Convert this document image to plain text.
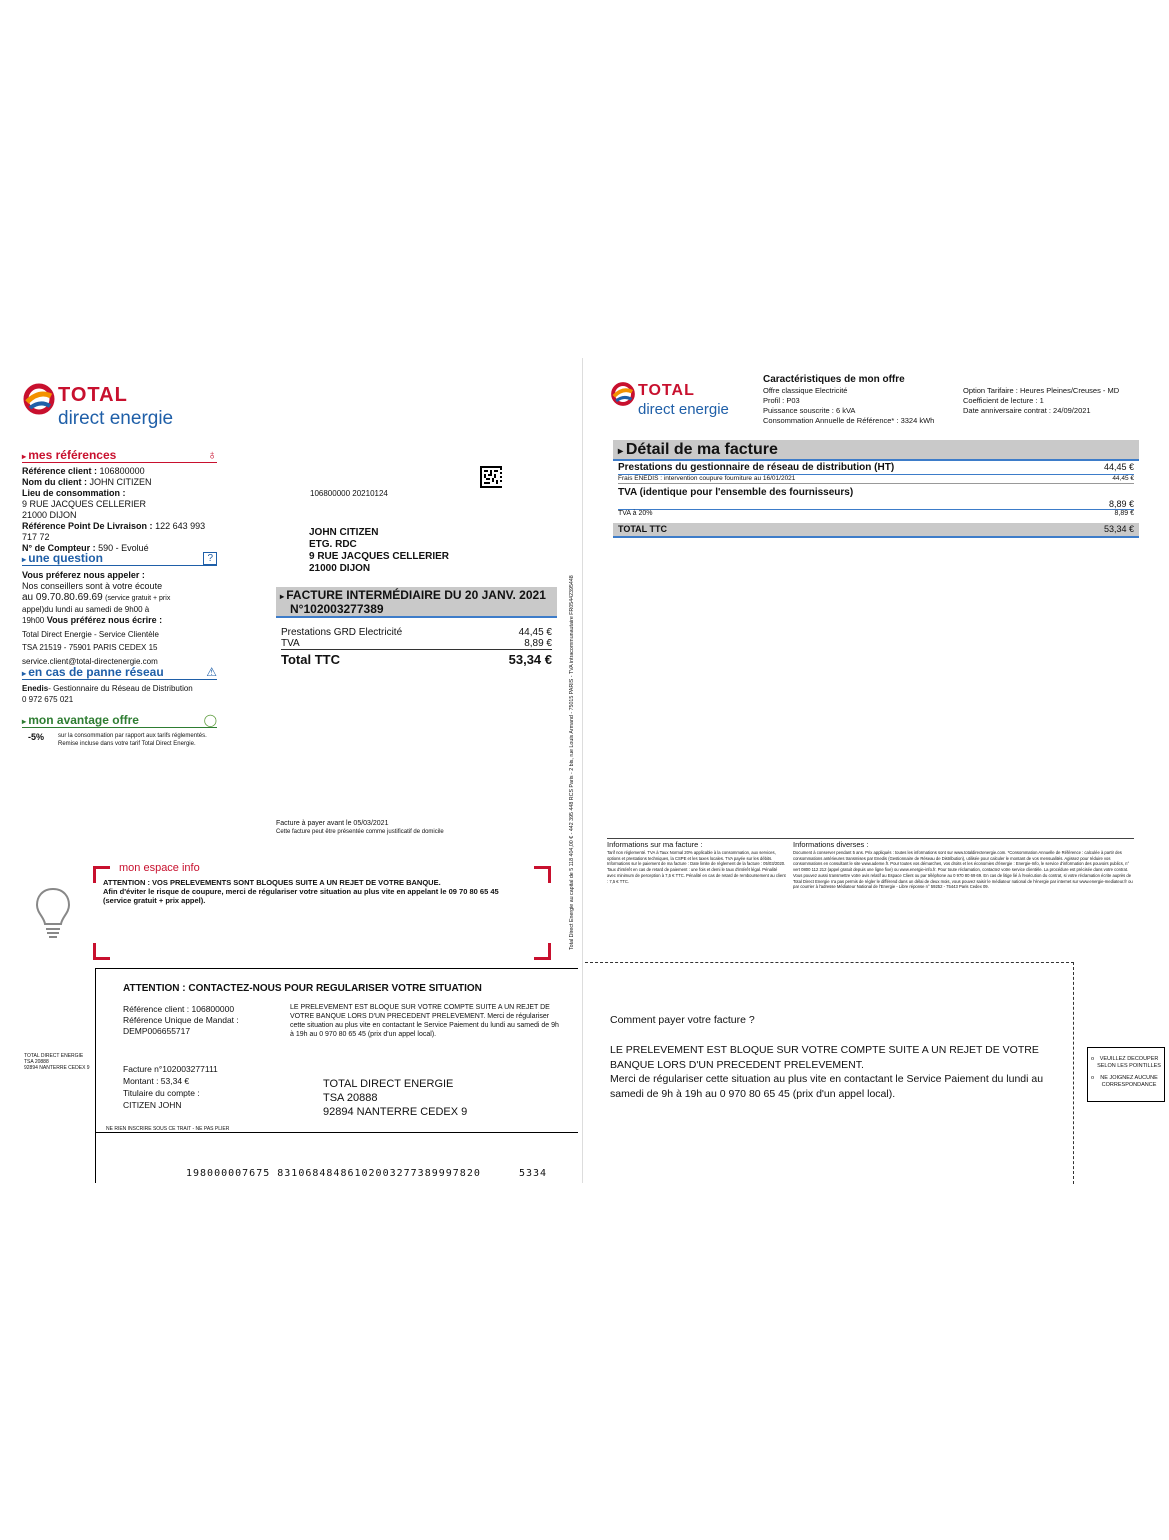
TOTAL
direct energie
▸ mes références	♁
Référence client : 106800000
Nom du client : JOHN CITIZEN
Lieu de consommation :
9 RUE JACQUES CELLERIER
21000 DIJON
Référence Point De Livraison : 122 643 993
717 72
N° de Compteur : 590 - Evolué
▸ une question	?
Vous préferez nous appeler :
Nos conseillers sont à votre écoute
au 09.70.80.69.69 (service gratuit + prix
appel)du lundi au samedi de 9h00 à
19h00 Vous préférez nous écrire :
Total Direct Energie - Service Clientèle
TSA 21519 - 75901 PARIS CEDEX 15
service.client@total-directenergie.com
▸ en cas de panne réseau	⚠
Enedis- Gestionnaire du Réseau de Distribution
0 972 675 021
▸ mon avantage offre	◯
-5%	sur la consommation par rapport aux tarifs réglementés.
Remise incluse dans votre tarif Total Direct Energie.
106800000 20210124
JOHN CITIZEN
ETG. RDC
9 RUE JACQUES CELLERIER
21000 DIJON
▸ FACTURE INTERMÉDIAIRE DU 20 JANV. 2021
N°102003277389
Prestations GRD Electricité	44,45 €
TVA	8,89 €
Total TTC	53,34 €
Facture à payer avant le 05/03/2021
Cette facture peut être présentée comme justificatif de domicile	Total Direct Energie au capital de 5 118 404,00 € - 442 395 448 RCS Paris - 2 bis, rue Louis Armand - 75015 PARIS - TVA intracommunautaire FR05442395448
mon espace info
ATTENTION : VOS PRELEVEMENTS SONT BLOQUES SUITE A UN REJET DE VOTRE BANQUE.
Afin d'éviter le risque de coupure, merci de régulariser votre situation au plus vite en appelant le 09 70 80 65 45
(service gratuit + prix appel).
ATTENTION : CONTACTEZ-NOUS POUR REGULARISER VOTRE SITUATION
Référence client : 106800000
Référence Unique de Mandat :
DEMP006655717
LE PRELEVEMENT EST BLOQUE SUR VOTRE COMPTE SUITE A UN REJET DE VOTRE BANQUE LORS D'UN PRECEDENT PRELEVEMENT. Merci de régulariser cette situation au plus vite en contactant le Service Paiement du lundi au samedi de 9h à 19h au 0 970 80 65 45 (prix d'un appel local).
Facture n°102003277111
Montant : 53,34 €
Titulaire du compte :
CITIZEN JOHN
TOTAL DIRECT ENERGIE
TSA 20888
92894 NANTERRE CEDEX 9
NE RIEN INSCRIRE SOUS CE TRAIT - NE PAS PLIER
198000007675 831068484861020032773899978​20	5334
TOTAL DIRECT ENERGIE
TSA 20888
92894 NANTERRE CEDEX 9
TOTAL
direct energie
Caractéristiques de mon offre
Offre classique Electricité
Profil : P03
Puissance souscrite : 6 kVA
Consommation Annuelle de Référence* : 3324 kWh
Option Tarifaire : Heures Pleines/Creuses - MD
Coefficient de lecture : 1
Date anniversaire contrat : 24/09/2021
▸ Détail de ma facture
Prestations du gestionnaire de réseau de distribution (HT)	44,45 €
Frais ENEDIS : intervention coupure fourniture au 16/01/2021	44,45 €
TVA (identique pour l'ensemble des fournisseurs)
8,89 €
TVA à 20%	8,89 €
TOTAL TTC	53,34 €
Informations sur ma facture :
Tarif non réglementé. TVA à Taux Normal 20% applicable à la consommation, aux services, options et prestations techniques, la CSPE et les taxes locales. TVA payée sur les débits. Informations sur le paiement de ma facture : Date limite de règlement de la facture : 05/03/2020. Taux d'intérêt en cas de retard de paiement : une fois et demi le taux d'intérêt légal. Pénalité avec minimum de perception à 7,5 € TTC. Pénalité en cas de retard de remboursement au client : 7,5 € TTC.
Informations diverses :
Document à conserver pendant 5 ans. Prix appliqués : toutes les informations sont sur www.totaldirectenergie.com. *Consommation Annuelle de Référence : calculée à partir des consommations antérieures transmises par Enedis (Gestionnaire de Réseau de Distribution), utilisée pour calculer le montant de vos mensualités. Agissez pour réduire vos consommations en consultant le site www.ademe.fr. Pour toutes vos démarches, vos droits et les économies d'énergie : Energie-Info, le service d'information des pouvoirs publics, n° vert 0800 112 212 (appel gratuit depuis une ligne fixe) ou www.energie-info.fr. Pour toute réclamation, contactez votre service clientèle. La procédure est précisée dans votre contrat. Vous pouvez aussi transmettre votre avis relatif au Espace Client ou par téléphone au 0 970 80 69 69. En cas de litige lié à l'exécution du contrat, si votre réclamation écrite auprès de Total Direct Energie n'a pas permis de régler le différend dans un délai de deux mois, vous pouvez saisir le médiateur national de l'énergie par internet sur www.energie-mediateur.fr ou par courrier à l'adresse Médiateur National de l'Energie - Libre réponse n° 59252 - 75443 Paris Cedex 09.
Comment payer votre facture ?
LE PRELEVEMENT EST BLOQUE SUR VOTRE COMPTE SUITE A UN REJET DE VOTRE BANQUE LORS D'UN PRECEDENT PRELEVEMENT.
Merci de régulariser cette situation au plus vite en contactant le Service Paiement du lundi au samedi de 9h à 19h au 0 970 80 65 45 (prix d'un appel local).
o	VEUILLEZ DECOUPER SELON LES POINTILLES
o	NE JOIGNEZ AUCUNE CORRESPONDANCE
